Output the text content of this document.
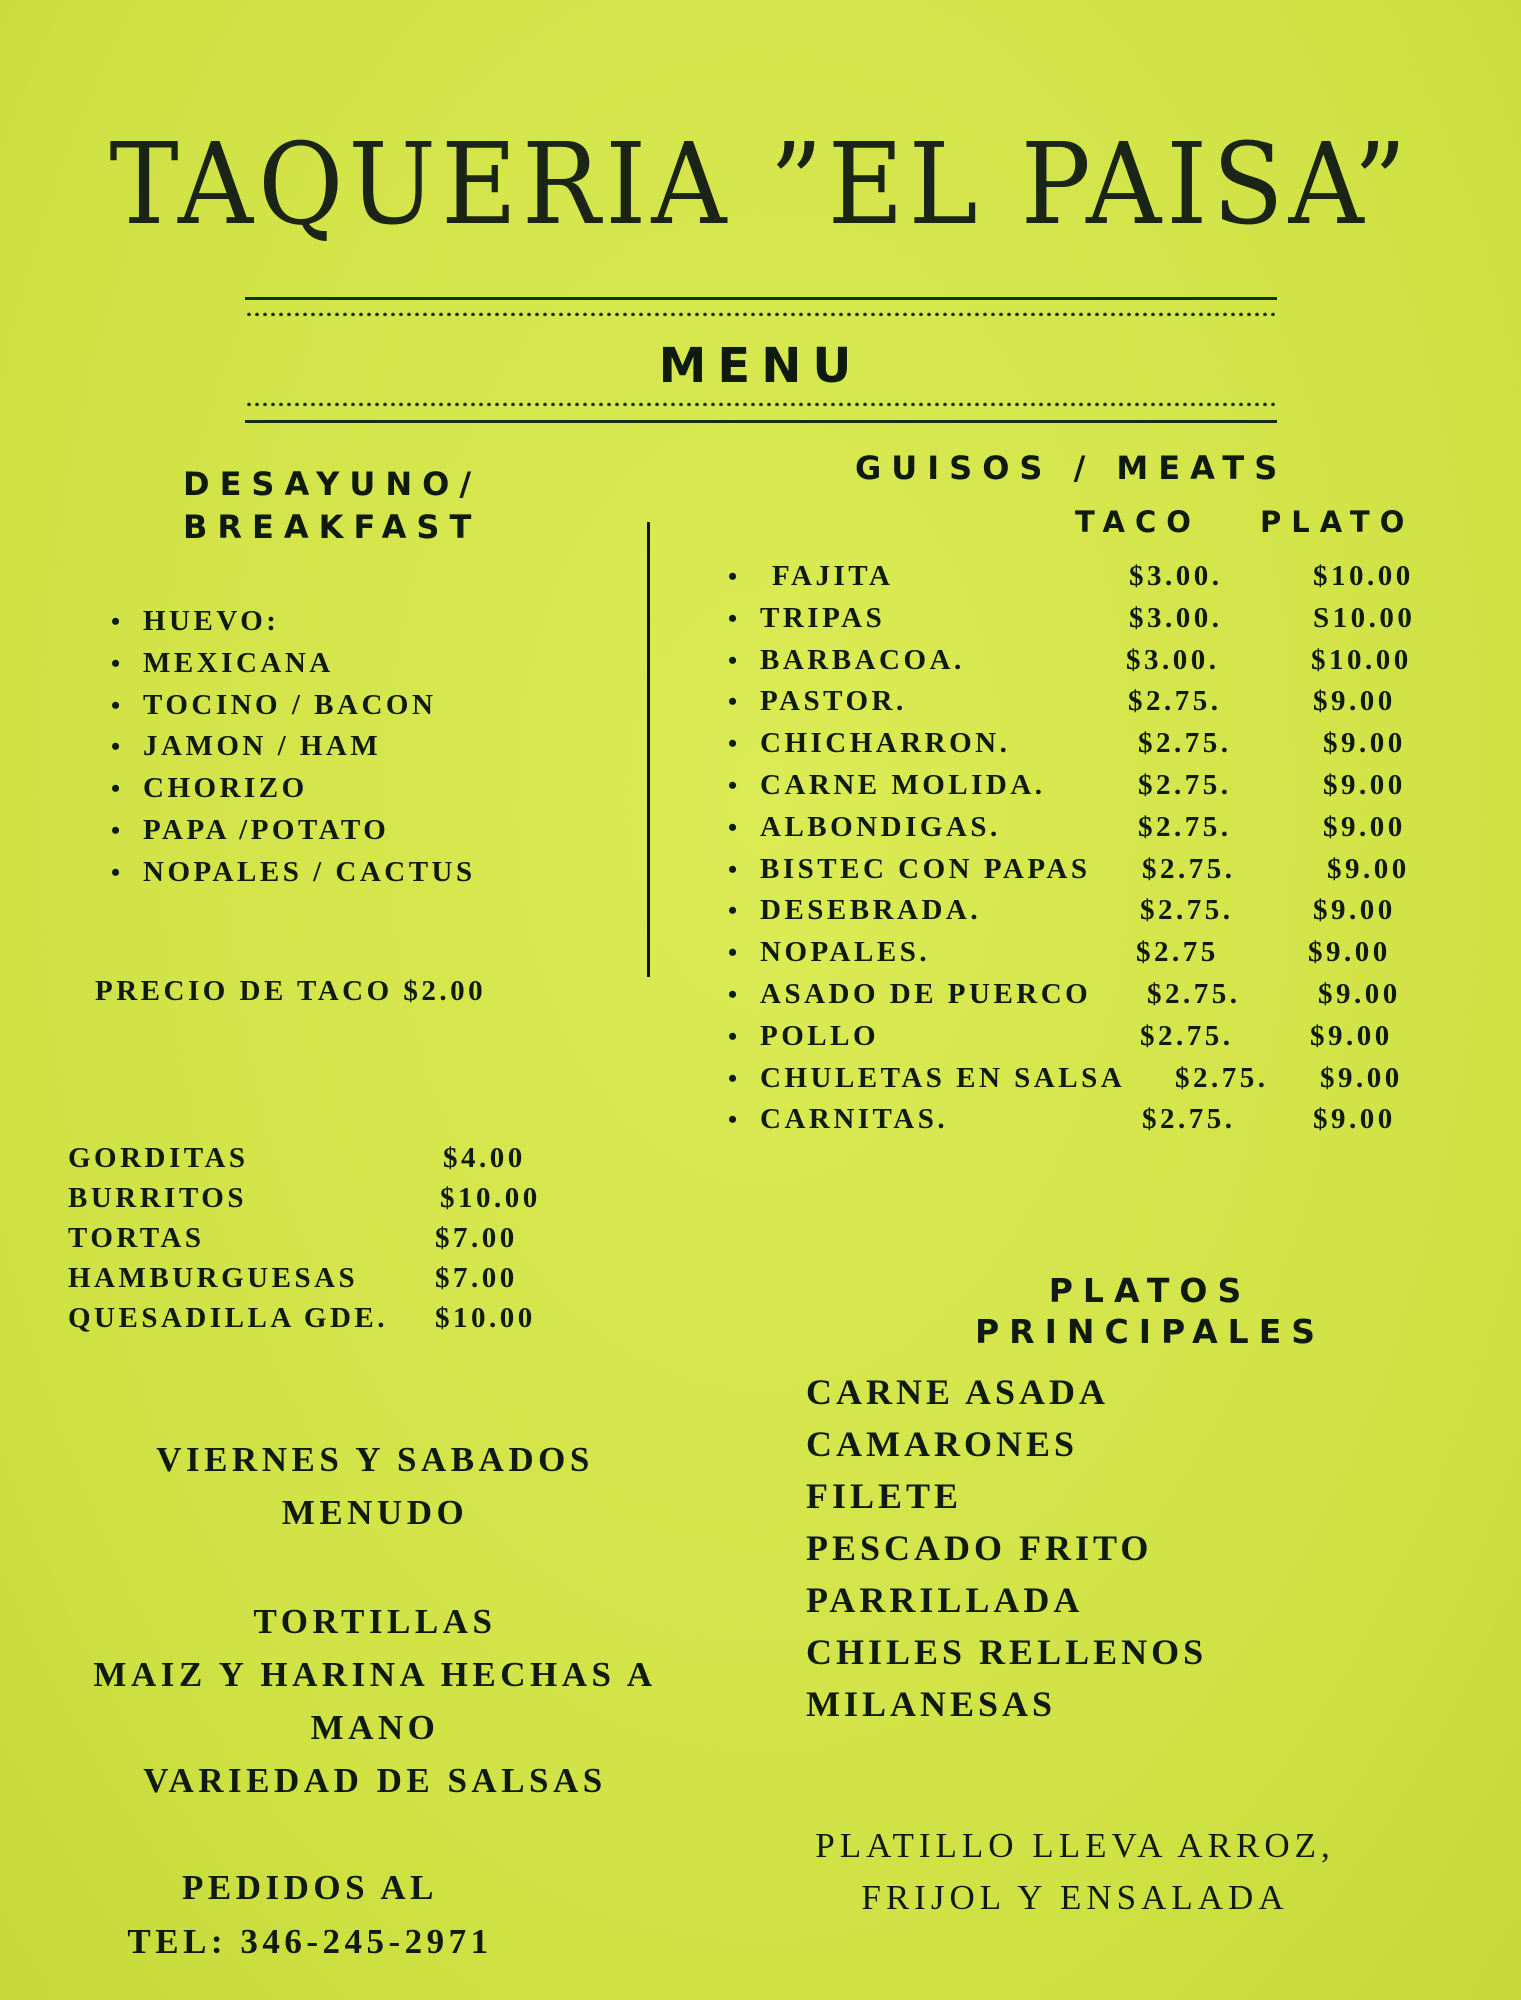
TAQUERIA ”EL PAISA”
MENU
DESAYUNO/
BREAKFAST
• HUEVO:
• MEXICANA
• TOCINO / BACON
• JAMON / HAM
• CHORIZO
• PAPA /POTATO
• NOPALES / CACTUS
PRECIO DE TACO $2.00
GUISOS / MEATS
TACO PLATO
• FAJITA	$3.00.	$10.00
• TRIPAS	$3.00.	S10.00
• BARBACOA.	$3.00.	$10.00
• PASTOR.	$2.75.	$9.00
• CHICHARRON.	$2.75.	$9.00
• CARNE MOLIDA.	$2.75.	$9.00
• ALBONDIGAS.	$2.75.	$9.00
• BISTEC CON PAPAS $2.75.	$9.00
• DESEBRADA.	$2.75.	$9.00
• NOPALES.	$2.75	$9.00
• ASADO DE PUERCO $2.75.	$9.00
• POLLO	$2.75.	$9.00
• CHULETAS EN SALSA $2.75. $9.00
• CARNITAS.	$2.75.	$9.00
GORDITAS	$4.00
BURRITOS	$10.00
TORTAS	$7.00
HAMBURGUESAS	$7.00
QUESADILLA GDE. $10.00
VIERNES Y SABADOS
MENUDO
TORTILLAS
MAIZ Y HARINA HECHAS A
MANO
VARIEDAD DE SALSAS
PEDIDOS AL
TEL: 346-245-2971
PLATOS
PRINCIPALES
CARNE ASADA
CAMARONES
FILETE
PESCADO FRITO
PARRILLADA
CHILES RELLENOS
MILANESAS
PLATILLO LLEVA ARROZ,
FRIJOL Y ENSALADA
